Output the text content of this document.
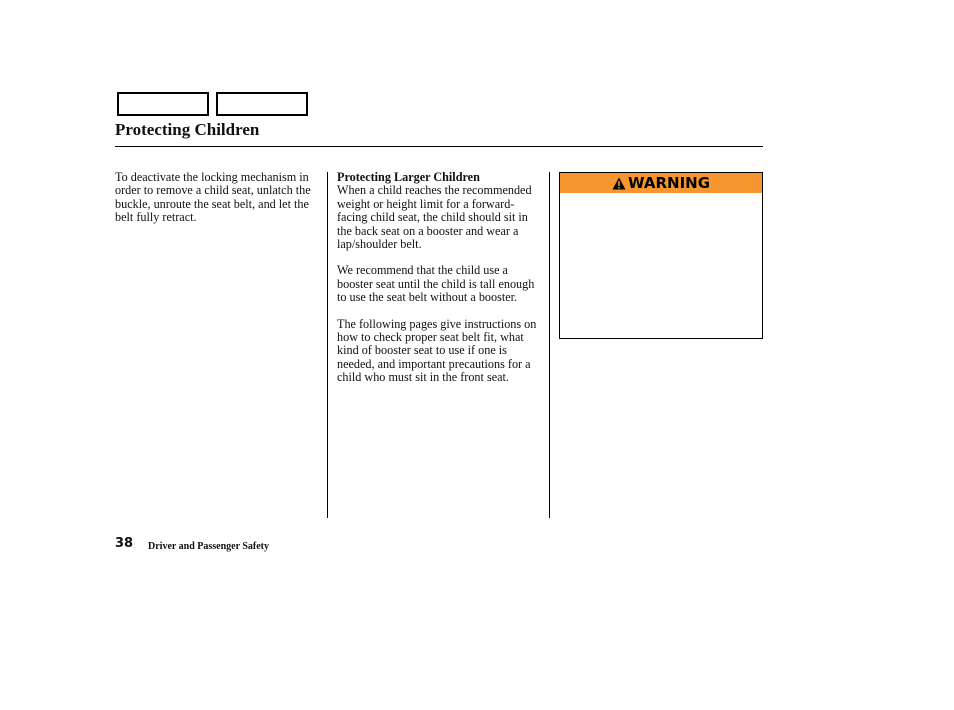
Protecting Children

To deactivate the locking mechanism in order to remove a child seat, unlatch the buckle, unroute the seat belt, and let the belt fully retract.

Protecting Larger Children
When a child reaches the recommended weight or height limit for a forward-facing child seat, the child should sit in the back seat on a booster and wear a lap/shoulder belt.

We recommend that the child use a booster seat until the child is tall enough to use the seat belt without a booster.

The following pages give instructions on how to check proper seat belt fit, what kind of booster seat to use if one is needed, and important precautions for a child who must sit in the front seat.

WARNING
38 Driver and Passenger Safety
